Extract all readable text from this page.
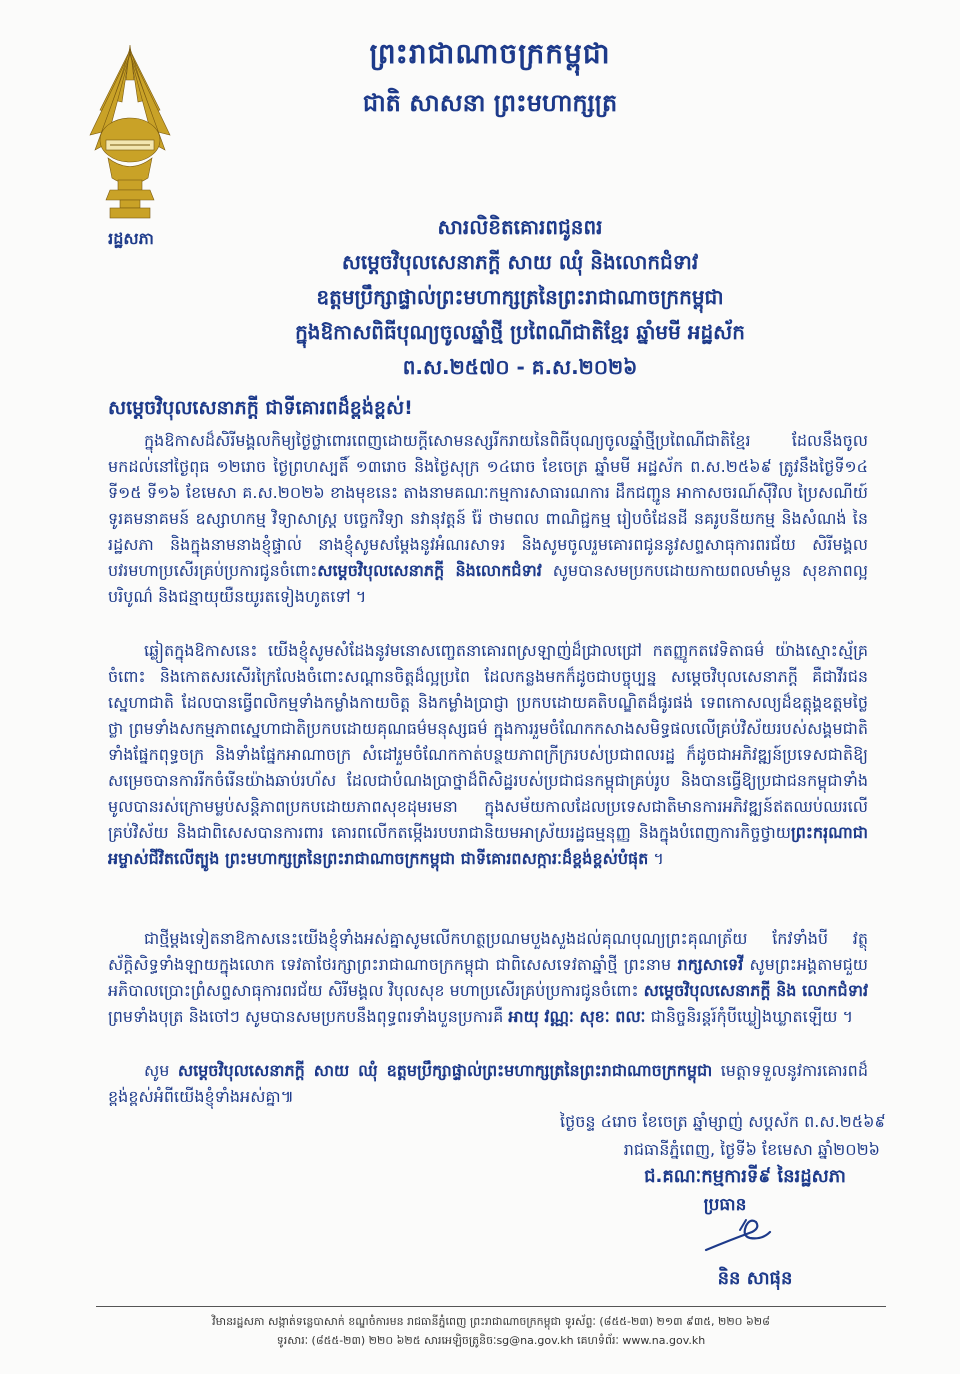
រដ្ឋសភា
ព្រះរាជាណាចក្រកម្ពុជា
ជាតិ សាសនា ព្រះមហាក្សត្រ
សារលិខិតគោរពជូនពរ
សម្តេចវិបុលសេនាភក្តី សាយ ឈុំ និងលោកជំទាវ
ឧត្តមប្រឹក្សាផ្ទាល់ព្រះមហាក្សត្រនៃព្រះរាជាណាចក្រកម្ពុជា
ក្នុងឱកាសពិធីបុណ្យចូលឆ្នាំថ្មី ប្រពៃណីជាតិខ្មែរ ឆ្នាំមមី អដ្ឋស័ក
ព.ស.២៥៧០ - គ.ស.២០២៦
សម្តេចវិបុលសេនាភក្តី ជាទីគោរពដ៏ខ្ពង់ខ្ពស់!

ក្នុងឱកាសដ៏សិរីមង្គលកិម្យថ្ងៃថ្លាពោរពេញដោយក្តីសោមនស្សរីករាយនៃពិធីបុណ្យចូលឆ្នាំថ្មីប្រពៃណីជាតិខ្មែរ ដែលនឹងចូលមកដល់នៅថ្ងៃពុធ ១២រោច ថ្ងៃព្រហស្បតិ៍ ១៣រោច និងថ្ងៃសុក្រ ១៤រោច ខែចេត្រ ឆ្នាំមមី អដ្ឋស័ក ព.ស.២៥៦៩ ត្រូវនឹងថ្ងៃទី១៤ ទី១៥ ទី១៦ ខែមេសា គ.ស.២០២៦ ខាងមុខនេះ តាងនាមគណៈកម្មការសាធារណការ ដឹកជញ្ជូន អាកាសចរណ៍ស៊ីវិល ប្រៃសណីយ៍ ទូរគមនាគមន៍ ឧស្សាហកម្ម វិទ្យាសាស្ត្រ បច្ចេកវិទ្យា នវានុវត្តន៍ រ៉ែ ថាមពល ពាណិជ្ជកម្ម រៀបចំដែនដី នគរូបនីយកម្ម និងសំណង់ នៃរដ្ឋសភា និងក្នុងនាមនាងខ្ញុំផ្ទាល់ នាងខ្ញុំសូមសម្តែងនូវអំណរសាទរ និងសូមចូលរួមគោរពជូននូវសព្ទសាធុការពរជ័យ សិរីមង្គល បវរមហាប្រសើរគ្រប់ប្រការជូនចំពោះសម្តេចវិបុលសេនាភក្តី និងលោកជំទាវ សូមបានសមប្រកបដោយកាយពលមាំមួន សុខភាពល្អបរិបូណ៌ និងជន្មាយុយឺនយូរតទៀងហូតទៅ ។

ឆ្លៀតក្នុងឱកាសនេះ យើងខ្ញុំសូមសំដែងនូវមនោសញ្ចេតនាគោរពស្រឡាញ់ដ៏ជ្រាលជ្រៅ កតញ្ញូកតវេទិតាធម៌ យ៉ាងស្មោះស្ម័គ្រចំពោះ និងកោតសរសើរក្រៃលែងចំពោះសណ្តានចិត្តដ៏ល្អប្រពៃ ដែលកន្លងមកក៏ដូចជាបច្ចុប្បន្ន សម្តេចវិបុលសេនាភក្តី គឺជាវីរជនស្នេហាជាតិ ដែលបានធ្វើពលិកម្មទាំងកម្លាំងកាយចិត្ត និងកម្លាំងប្រាជ្ញា ប្រកបដោយគតិបណ្ឌិតដ៏ផូរផង់ ទេពកោសល្យដ៏ឧត្តុង្គឧត្តមថ្លៃថ្លា ព្រមទាំងសកម្មភាពស្នេហាជាតិប្រកបដោយគុណធម៌មនុស្សធម៌ ក្នុងការរួមចំណែកកសាងសមិទ្ធផលលើគ្រប់វិស័យរបស់សង្គមជាតិ ទាំងផ្នែកពុទ្ធចក្រ និងទាំងផ្នែកអាណាចក្រ សំដៅរួមចំណែកកាត់បន្ថយភាពក្រីក្ររបស់ប្រជាពលរដ្ឋ ក៏ដូចជាអភិវឌ្ឍន៍ប្រទេសជាតិឱ្យសម្រេចបានការរីកចំរើនយ៉ាងឆាប់រហ័ស ដែលជាបំណងប្រាថ្នាដ៏ពិសិដ្ឋរបស់ប្រជាជនកម្ពុជាគ្រប់រូប និងបានធ្វើឱ្យប្រជាជនកម្ពុជាទាំងមូលបានរស់ក្រោមម្លប់សន្តិភាពប្រកបដោយភាពសុខដុមរមនា ក្នុងសម័យកាលដែលប្រទេសជាតិមានការអភិវឌ្ឍន៍ឥតឈប់ឈរលើគ្រប់វិស័យ និងជាពិសេសបានការពារ គោរពលើកតម្កើងរបបរាជានិយមអាស្រ័យរដ្ឋធម្មនុញ្ញ និងក្នុងបំពេញការកិច្ចថ្វាយព្រះករុណាជាអម្ចាស់ជីវិតលើត្បូង ព្រះមហាក្សត្រនៃព្រះរាជាណាចក្រកម្ពុជា ជាទីគោរពសក្ការៈដ៏ខ្ពង់ខ្ពស់បំផុត ។

ជាថ្មីម្តងទៀតនាឱកាសនេះយើងខ្ញុំទាំងអស់គ្នាសូមលើកហត្ថប្រណមបួងសួងដល់គុណបុណ្យព្រះគុណត្រ័យ កែវទាំងបី វត្ថុស័ក្តិសិទ្ធទាំងឡាយក្នុងលោក ទេវតាថែរក្សាព្រះរាជាណាចក្រកម្ពុជា ជាពិសេសទេវតាឆ្នាំថ្មី ព្រះនាម រាក្សសាទេវី សូមព្រះអង្គតាមជួយអភិបាលប្រោះព្រំសព្ទសាធុការពរជ័យ សិរីមង្គល វិបុលសុខ មហាប្រសើរគ្រប់ប្រការជូនចំពោះ សម្តេចវិបុលសេនាភក្តី និង លោកជំទាវ ព្រមទាំងបុត្រ និងចៅៗ សូមបានសមប្រកបនឹងពុទ្ធពរទាំងបួនប្រការគឺ អាយុ វណ្ណៈ សុខៈ ពលៈ ជានិច្ចនិរន្តរ៍កុំបីឃ្លៀងឃ្លាតឡើយ ។

សូម សម្តេចវិបុលសេនាភក្តី សាយ ឈុំ ឧត្តមប្រឹក្សាផ្ទាល់ព្រះមហាក្សត្រនៃព្រះរាជាណាចក្រកម្ពុជា មេត្តាទទួលនូវការគោរពដ៏ខ្ពង់ខ្ពស់អំពីយើងខ្ញុំទាំងអស់គ្នា៕

ថ្ងៃចន្ទ ៤រោច ខែចេត្រ ឆ្នាំម្សាញ់ សប្តស័ក ព.ស.២៥៦៩
រាជធានីភ្នំពេញ, ថ្ងៃទី៦ ខែមេសា ឆ្នាំ២០២៦
ជ.គណៈកម្មការទី៩ នៃរដ្ឋសភា
ប្រធាន
និន សាផុន
វិមានរដ្ឋសភា សង្កាត់ទន្លេបាសាក់ ខណ្ឌចំការមន រាជធានីភ្នំពេញ ព្រះរាជាណាចក្រកម្ពុជា ទូរស័ព្ទៈ (៨៥៥-២៣) ២១៣ ៩៣៥, ២២០ ៦២៨
ទូរសារៈ (៨៥៥-២៣) ២២០ ៦២៥ សារអេឡិចត្រូនិចៈsg@na.gov.kh គេហទំព័រៈ www.na.gov.kh
